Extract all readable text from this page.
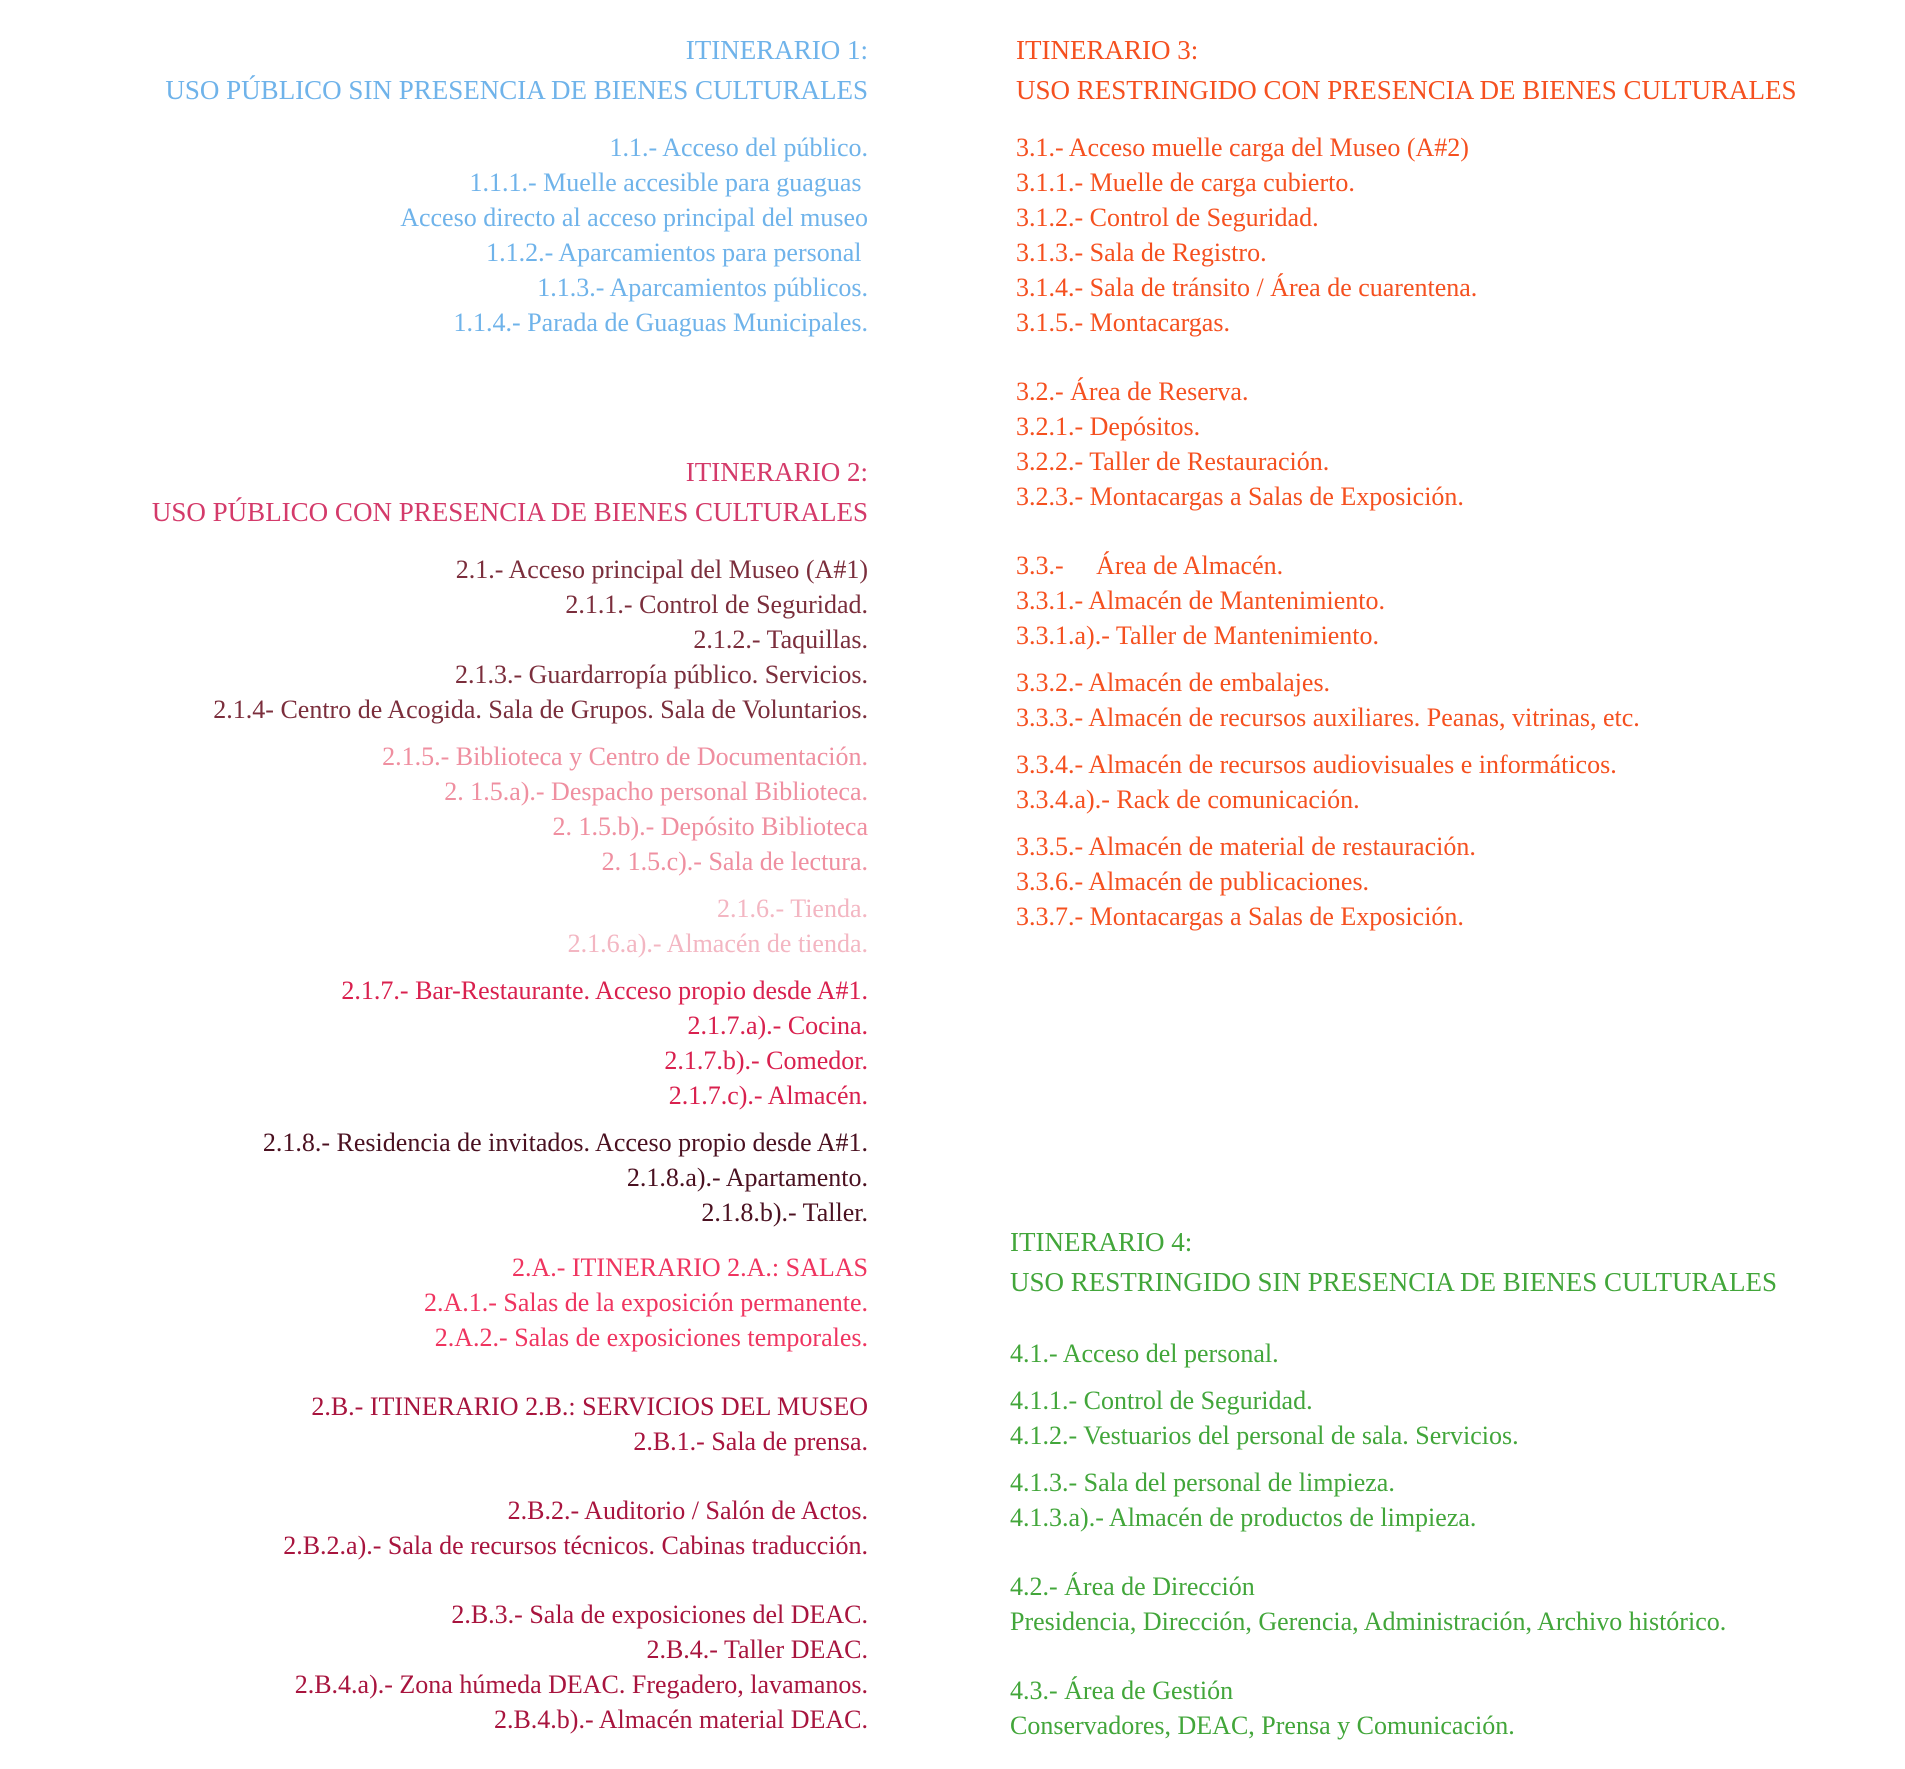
ITINERARIO 1:
USO PÚBLICO SIN PRESENCIA DE BIENES CULTURALES
1.1.- Acceso del público.
1.1.1.- Muelle accesible para guaguas
Acceso directo al acceso principal del museo
1.1.2.- Aparcamientos para personal
1.1.3.- Aparcamientos públicos.
1.1.4.- Parada de Guaguas Municipales.
ITINERARIO 2:
USO PÚBLICO CON PRESENCIA DE BIENES CULTURALES
2.1.- Acceso principal del Museo (A#1)
2.1.1.- Control de Seguridad.
2.1.2.- Taquillas.
2.1.3.- Guardarropía público. Servicios.
2.1.4- Centro de Acogida. Sala de Grupos. Sala de Voluntarios.
2.1.5.- Biblioteca y Centro de Documentación.
2. 1.5.a).- Despacho personal Biblioteca.
2. 1.5.b).- Depósito Biblioteca
2. 1.5.c).- Sala de lectura.
2.1.6.- Tienda.
2.1.6.a).- Almacén de tienda.
2.1.7.- Bar-Restaurante. Acceso propio desde A#1.
2.1.7.a).- Cocina.
2.1.7.b).- Comedor.
2.1.7.c).- Almacén.
2.1.8.- Residencia de invitados. Acceso propio desde A#1.
2.1.8.a).- Apartamento.
2.1.8.b).- Taller.
2.A.- ITINERARIO 2.A.: SALAS
2.A.1.- Salas de la exposición permanente.
2.A.2.- Salas de exposiciones temporales.
2.B.- ITINERARIO 2.B.: SERVICIOS DEL MUSEO
2.B.1.- Sala de prensa.
2.B.2.- Auditorio / Salón de Actos.
2.B.2.a).- Sala de recursos técnicos. Cabinas traducción.
2.B.3.- Sala de exposiciones del DEAC.
2.B.4.- Taller DEAC.
2.B.4.a).- Zona húmeda DEAC. Fregadero, lavamanos.
2.B.4.b).- Almacén material DEAC.
ITINERARIO 3:
USO RESTRINGIDO CON PRESENCIA DE BIENES CULTURALES
3.1.- Acceso muelle carga del Museo (A#2)
3.1.1.- Muelle de carga cubierto.
3.1.2.- Control de Seguridad.
3.1.3.- Sala de Registro.
3.1.4.- Sala de tránsito / Área de cuarentena.
3.1.5.- Montacargas.
3.2.- Área de Reserva.
3.2.1.- Depósitos.
3.2.2.- Taller de Restauración.
3.2.3.- Montacargas a Salas de Exposición.
3.3.-     Área de Almacén.
3.3.1.- Almacén de Mantenimiento.
3.3.1.a).- Taller de Mantenimiento.
3.3.2.- Almacén de embalajes.
3.3.3.- Almacén de recursos auxiliares. Peanas, vitrinas, etc.
3.3.4.- Almacén de recursos audiovisuales e informáticos.
3.3.4.a).- Rack de comunicación.
3.3.5.- Almacén de material de restauración.
3.3.6.- Almacén de publicaciones.
3.3.7.- Montacargas a Salas de Exposición.
ITINERARIO 4:
USO RESTRINGIDO SIN PRESENCIA DE BIENES CULTURALES
4.1.- Acceso del personal.
4.1.1.- Control de Seguridad.
4.1.2.- Vestuarios del personal de sala. Servicios.
4.1.3.- Sala del personal de limpieza.
4.1.3.a).- Almacén de productos de limpieza.
4.2.- Área de Dirección
Presidencia, Dirección, Gerencia, Administración, Archivo histórico.
4.3.- Área de Gestión
Conservadores, DEAC, Prensa y Comunicación.
